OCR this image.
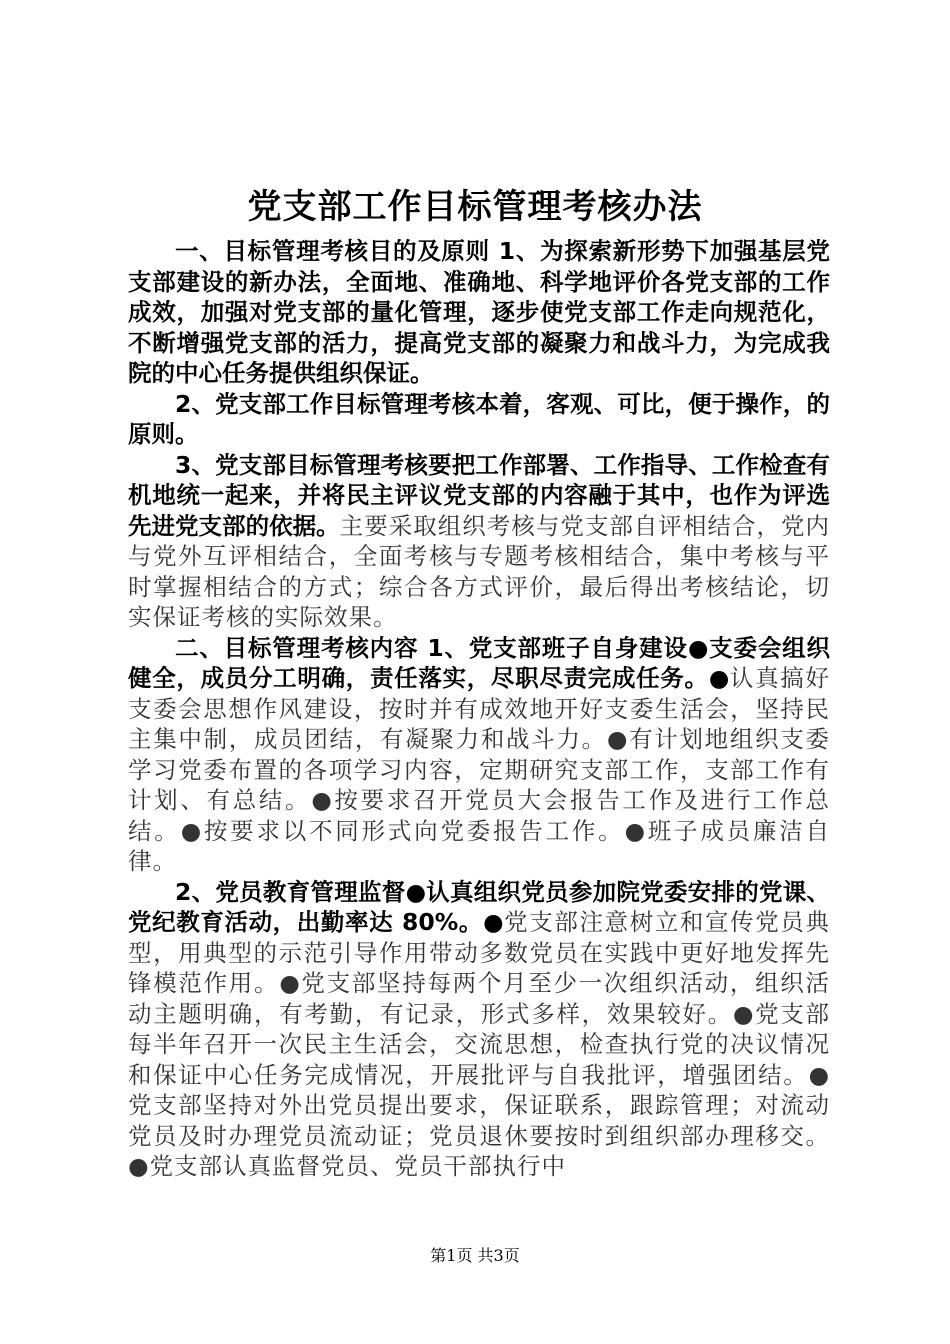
党支部工作目标管理考核办法

一、目标管理考核目的及原则 1、为探索新形势下加强基层党支部建设的新办法，全面地、准确地、科学地评价各党支部的工作成效，加强对党支部的量化管理，逐步使党支部工作走向规范化，不断增强党支部的活力，提高党支部的凝聚力和战斗力，为完成我院的中心任务提供组织保证。

2、党支部工作目标管理考核本着，客观、可比，便于操作，的原则。

3、党支部目标管理考核要把工作部署、工作指导、工作检查有机地统一起来，并将民主评议党支部的内容融于其中，也作为评选先进党支部的依据。主要采取组织考核与党支部自评相结合，党内与党外互评相结合，全面考核与专题考核相结合，集中考核与平时掌握相结合的方式；综合各方式评价，最后得出考核结论，切实保证考核的实际效果。

二、目标管理考核内容 1、党支部班子自身建设●支委会组织健全，成员分工明确，责任落实，尽职尽责完成任务。●认真搞好支委会思想作风建设，按时并有成效地开好支委生活会，坚持民主集中制，成员团结，有凝聚力和战斗力。●有计划地组织支委学习党委布置的各项学习内容，定期研究支部工作，支部工作有计划、有总结。●按要求召开党员大会报告工作及进行工作总结。●按要求以不同形式向党委报告工作。●班子成员廉洁自律。

2、党员教育管理监督●认真组织党员参加院党委安排的党课、党纪教育活动，出勤率达 80%。●党支部注意树立和宣传党员典型，用典型的示范引导作用带动多数党员在实践中更好地发挥先锋模范作用。●党支部坚持每两个月至少一次组织活动，组织活动主题明确，有考勤，有记录，形式多样，效果较好。●党支部每半年召开一次民主生活会，交流思想，检查执行党的决议情况和保证中心任务完成情况，开展批评与自我批评，增强团结。●党支部坚持对外出党员提出要求，保证联系，跟踪管理；对流动党员及时办理党员流动证；党员退休要按时到组织部办理移交。●党支部认真监督党员、党员干部执行中

第1页 共3页
